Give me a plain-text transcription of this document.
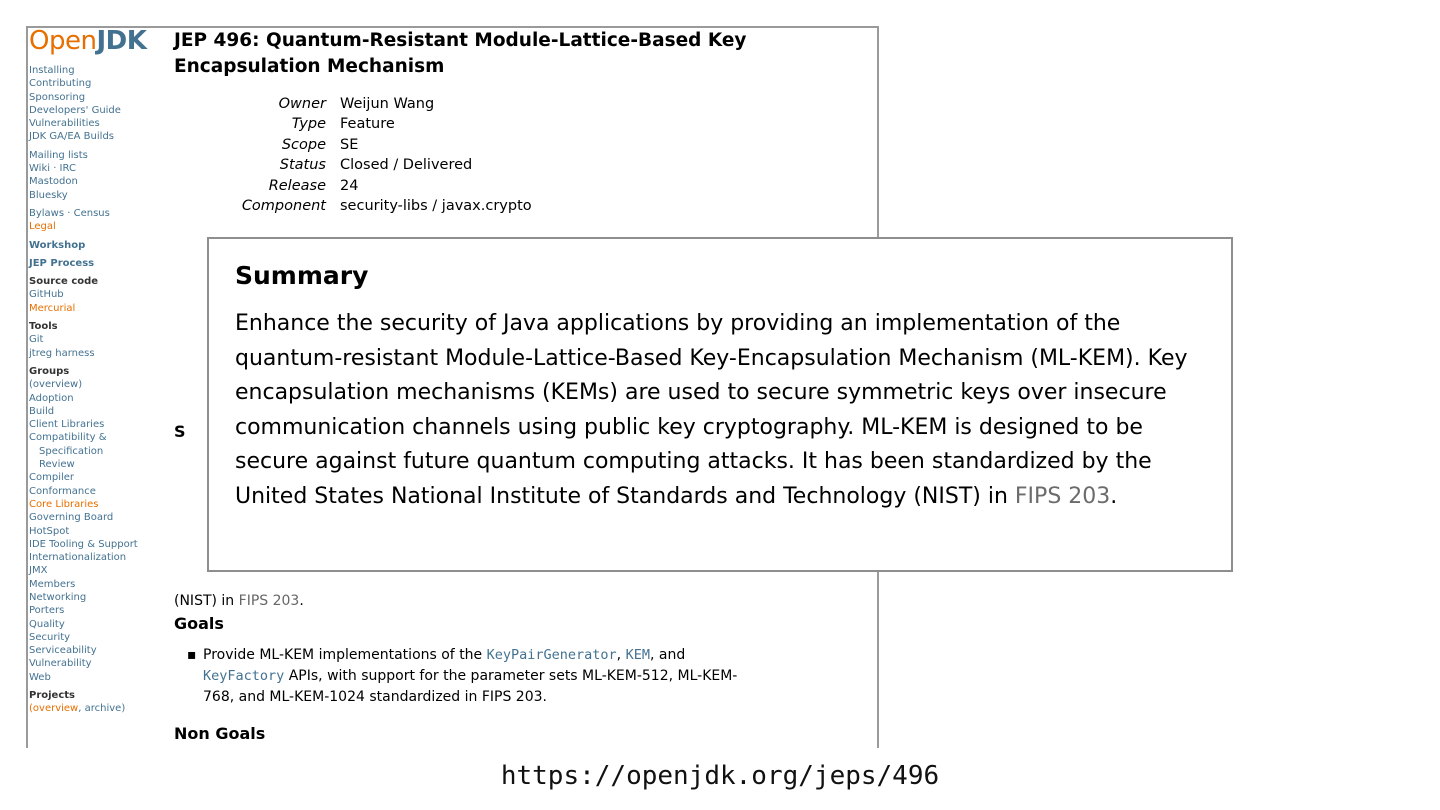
OpenJDK
Installing
Contributing
Sponsoring
Developers' Guide
Vulnerabilities
JDK GA/EA Builds
Mailing lists
Wiki · IRC
Mastodon
Bluesky
Bylaws · Census
Legal
Workshop
JEP Process
Source code
GitHub
Mercurial
Tools
Git
jtreg harness
Groups
(overview)
Adoption
Build
Client Libraries
Compatibility &
Specification
Review
Compiler
Conformance
Core Libraries
Governing Board
HotSpot
IDE Tooling & Support
Internationalization
JMX
Members
Networking
Porters
Quality
Security
Serviceability
Vulnerability
Web
Projects
(overview, archive)
JEP 496: Quantum-Resistant Module-Lattice-Based Key Encapsulation Mechanism
Owner	Weijun Wang
Type	Feature
Scope	SE
Status	Closed / Delivered
Release	24
Component	security-libs / javax.crypto
S

(NIST) in FIPS 203.

Goals
▪ Provide ML-KEM implementations of the KeyPairGenerator, KEM, and KeyFactory APIs, with support for the parameter sets ML-KEM-512, ML-KEM-768, and ML-KEM-1024 standardized in FIPS 203.
Non Goals
Summary

Enhance the security of Java applications by providing an implementation of the quantum-resistant Module-Lattice-Based Key-Encapsulation Mechanism (ML-KEM). Key encapsulation mechanisms (KEMs) are used to secure symmetric keys over insecure communication channels using public key cryptography. ML-KEM is designed to be secure against future quantum computing attacks. It has been standardized by the United States National Institute of Standards and Technology (NIST) in FIPS 203.

https://openjdk.org/jeps/496
